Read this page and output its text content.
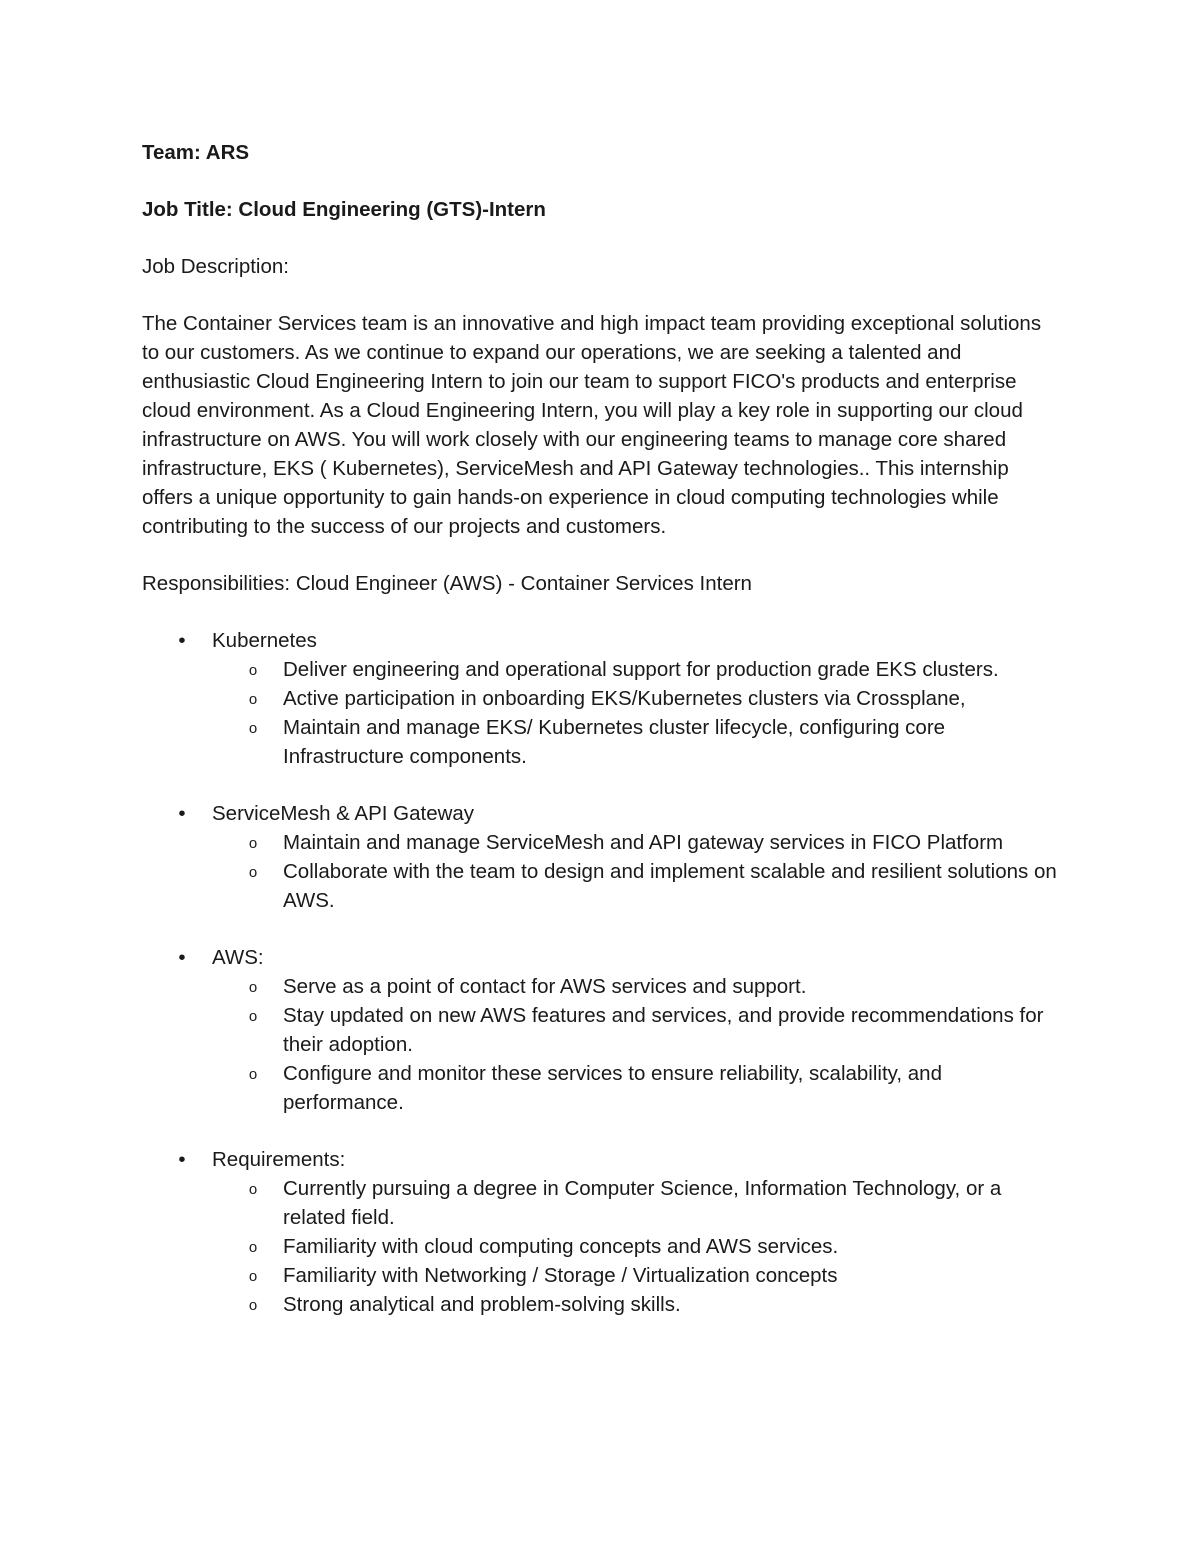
Team: ARS

Job Title: Cloud Engineering (GTS)-Intern

Job Description:

The Container Services team is an innovative and high impact team providing exceptional solutions to our customers. As we continue to expand our operations, we are seeking a talented and enthusiastic Cloud Engineering Intern to join our team to support FICO's products and enterprise cloud environment. As a Cloud Engineering Intern, you will play a key role in supporting our cloud infrastructure on AWS. You will work closely with our engineering teams to manage core shared infrastructure, EKS ( Kubernetes), ServiceMesh and API Gateway technologies.. This internship offers a unique opportunity to gain hands-on experience in cloud computing technologies while contributing to the success of our projects and customers.

Responsibilities: Cloud Engineer (AWS) - Container Services Intern

•	Kubernetes
o Deliver engineering and operational support for production grade EKS clusters.
o Active participation in onboarding EKS/Kubernetes clusters via Crossplane,
o Maintain and manage EKS/ Kubernetes cluster lifecycle, configuring core Infrastructure components.
•	ServiceMesh & API Gateway
o Maintain and manage ServiceMesh and API gateway services in FICO Platform
o Collaborate with the team to design and implement scalable and resilient solutions on AWS.
•	AWS:
o Serve as a point of contact for AWS services and support.
o Stay updated on new AWS features and services, and provide recommendations for their adoption.
o Configure and monitor these services to ensure reliability, scalability, and performance.
•	Requirements:
o Currently pursuing a degree in Computer Science, Information Technology, or a related field.
o Familiarity with cloud computing concepts and AWS services.
o Familiarity with Networking / Storage / Virtualization concepts
o Strong analytical and problem-solving skills.
